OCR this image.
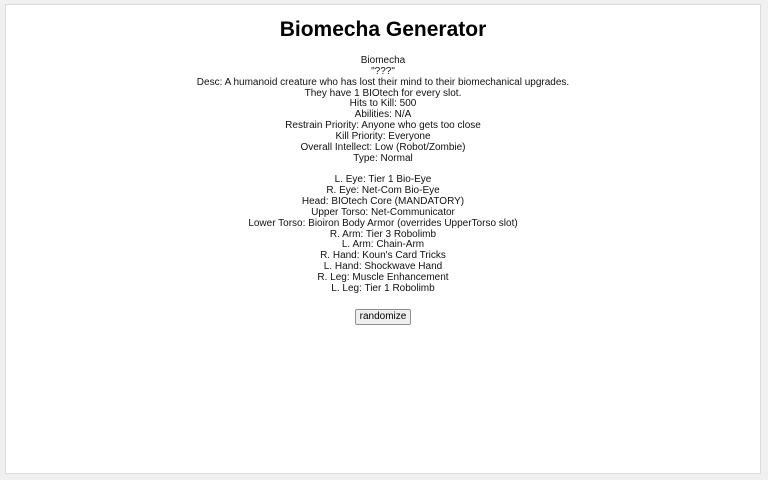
Biomecha Generator
Biomecha
"???"
Desc: A humanoid creature who has lost their mind to their biomechanical upgrades. They have 1 BIOtech for every slot.
Hits to Kill: 500
Abilities: N/A
Restrain Priority: Anyone who gets too close
Kill Priority: Everyone
Overall Intellect: Low (Robot/Zombie)
Type: Normal
L. Eye: Tier 1 Bio-Eye
R. Eye: Net-Com Bio-Eye
Head: BIOtech Core (MANDATORY)
Upper Torso: Net-Communicator
Lower Torso: Bioiron Body Armor (overrides UpperTorso slot)
R. Arm: Tier 3 Robolimb
L. Arm: Chain-Arm
R. Hand: Koun's Card Tricks
L. Hand: Shockwave Hand
R. Leg: Muscle Enhancement
L. Leg: Tier 1 Robolimb
randomize
